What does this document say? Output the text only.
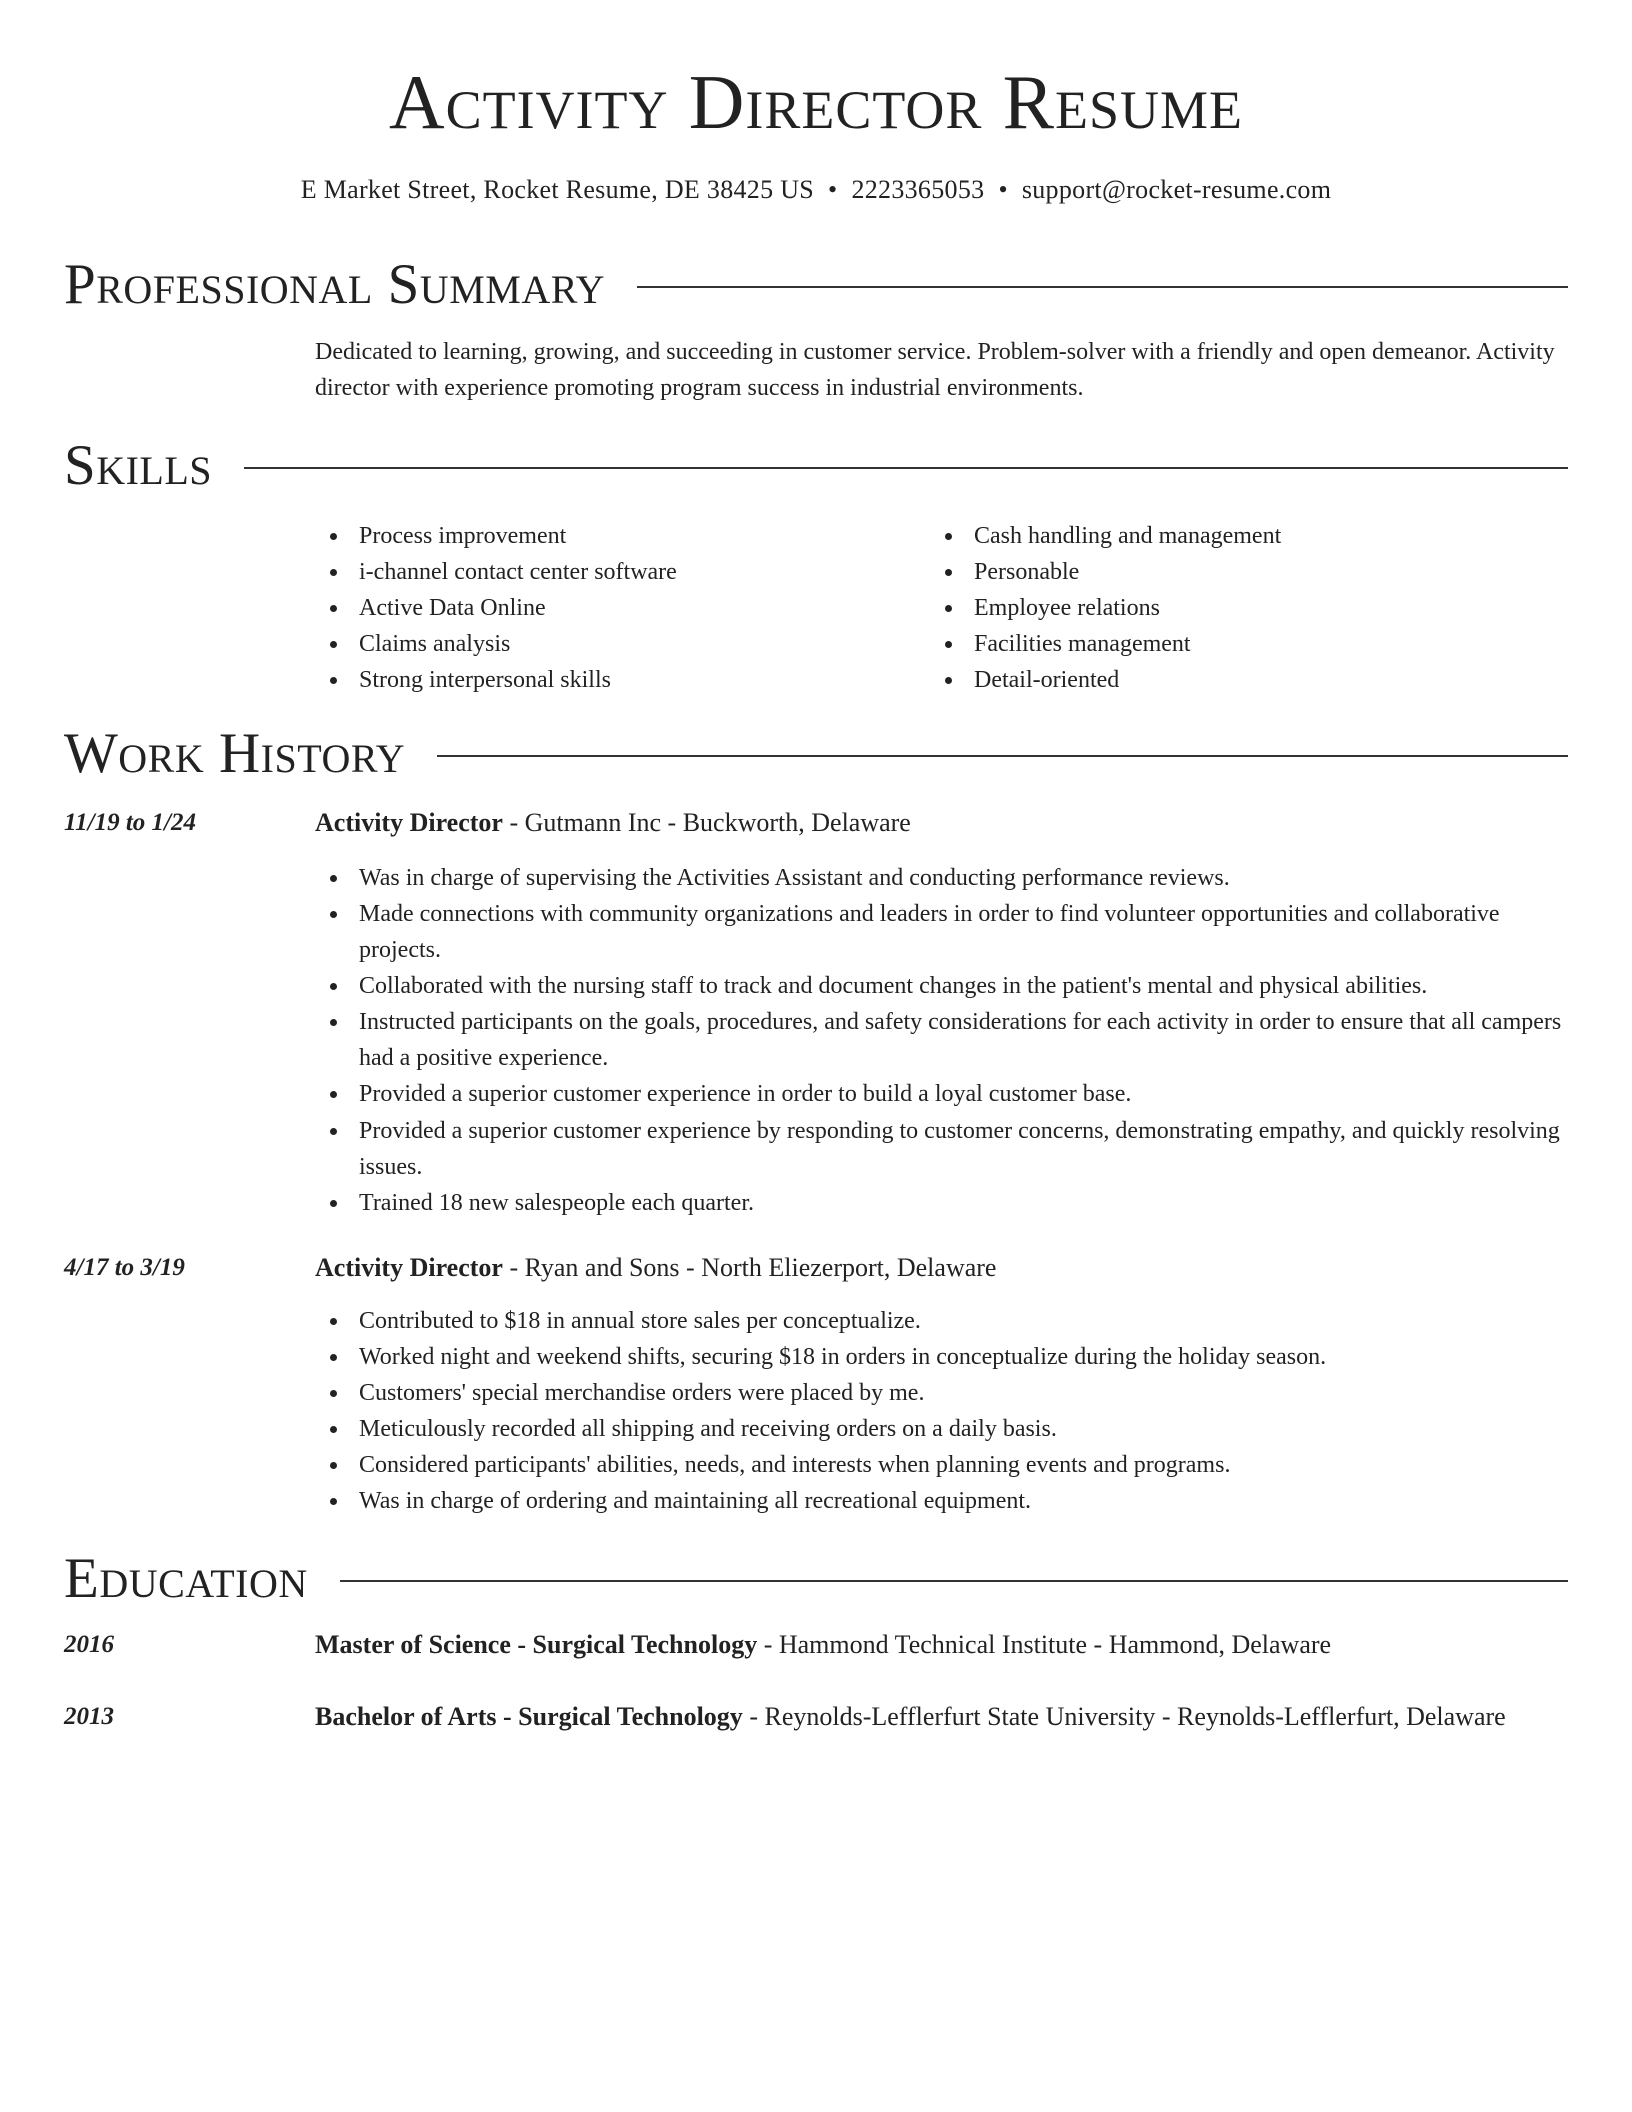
Activity Director Resume
E Market Street, Rocket Resume, DE 38425 US • 2223365053 • support@rocket-resume.com
Professional Summary
Dedicated to learning, growing, and succeeding in customer service. Problem-solver with a friendly and open demeanor. Activity director with experience promoting program success in industrial environments.
Skills
Process improvement
i-channel contact center software
Active Data Online
Claims analysis
Strong interpersonal skills
Cash handling and management
Personable
Employee relations
Facilities management
Detail-oriented
Work History
11/19 to 1/24	Activity Director - Gutmann Inc - Buckworth, Delaware
Was in charge of supervising the Activities Assistant and conducting performance reviews.
Made connections with community organizations and leaders in order to find volunteer opportunities and collaborative projects.
Collaborated with the nursing staff to track and document changes in the patient's mental and physical abilities.
Instructed participants on the goals, procedures, and safety considerations for each activity in order to ensure that all campers had a positive experience.
Provided a superior customer experience in order to build a loyal customer base.
Provided a superior customer experience by responding to customer concerns, demonstrating empathy, and quickly resolving issues.
Trained 18 new salespeople each quarter.
4/17 to 3/19	Activity Director - Ryan and Sons - North Eliezerport, Delaware
Contributed to $18 in annual store sales per conceptualize.
Worked night and weekend shifts, securing $18 in orders in conceptualize during the holiday season.
Customers' special merchandise orders were placed by me.
Meticulously recorded all shipping and receiving orders on a daily basis.
Considered participants' abilities, needs, and interests when planning events and programs.
Was in charge of ordering and maintaining all recreational equipment.
Education
2016	Master of Science - Surgical Technology - Hammond Technical Institute - Hammond, Delaware
2013	Bachelor of Arts - Surgical Technology - Reynolds-Lefflerfurt State University - Reynolds-Lefflerfurt, Delaware
